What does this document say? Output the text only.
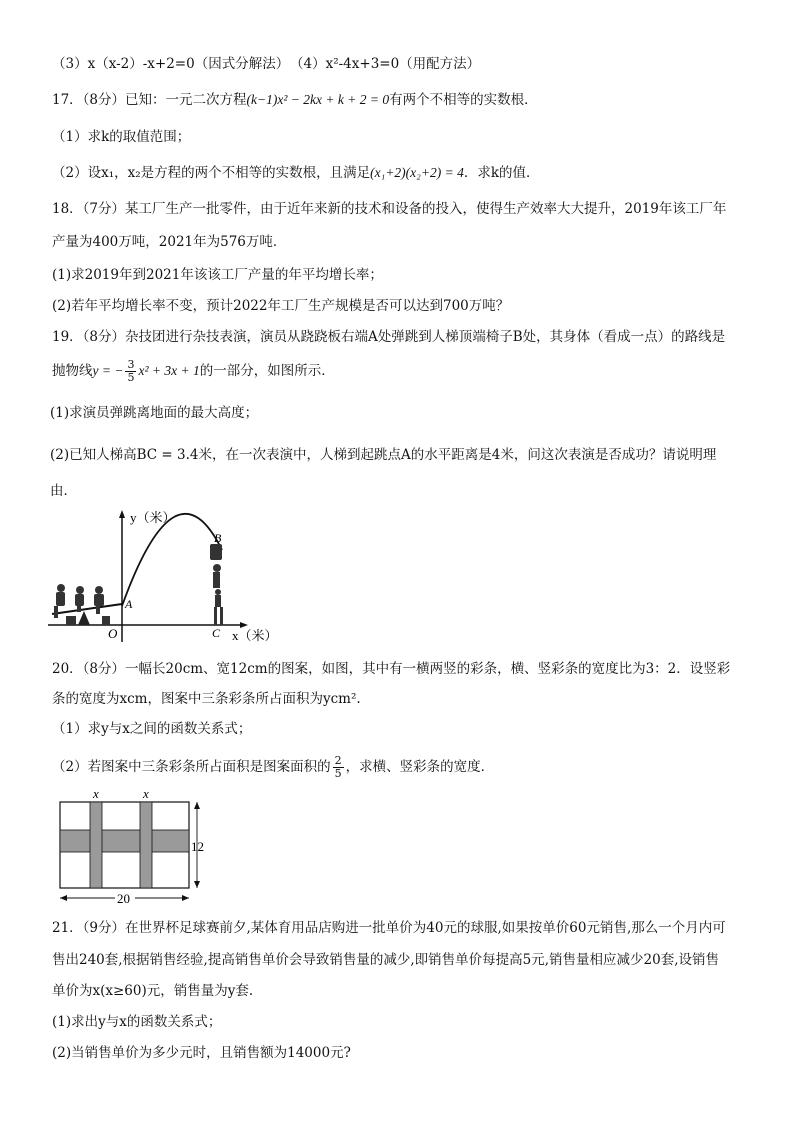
（3）x（x-2）-x+2=0（因式分解法） （4）x²-4x+3=0（用配方法）
17．（8分）已知：一元二次方程(k−1)x² − 2kx + k + 2 = 0有两个不相等的实数根．
（1）求k的取值范围；
（2）设x₁，x₂是方程的两个不相等的实数根，且满足(x₁+2)(x₂+2) = 4．求k的值．
18．（7分）某工厂生产一批零件，由于近年来新的技术和设备的投入，使得生产效率大大提升，2019年该工厂年
产量为400万吨，2021年为576万吨．
(1)求2019年到2021年该该工厂产量的年平均增长率；
(2)若年平均增长率不变，预计2022年工厂生产规模是否可以达到700万吨？
19．（8分）杂技团进行杂技表演，演员从跷跷板右端A处弹跳到人梯顶端椅子B处，其身体（看成一点）的路线是
抛物线y = − $\frac{3}{5} x^2 + 3x + 1$的一部分，如图所示．
(1)求演员弹跳离地面的最大高度；
(2)已知人梯高BC = 3.4米，在一次表演中，人梯到起跳点A的水平距离是4米，问这次表演是否成功？请说明理
由．
y（米）
x（米）
O
A
B
C
20．（8分）一幅长20cm、宽12cm的图案，如图，其中有一横两竖的彩条，横、竖彩条的宽度比为3：2．设竖彩
条的宽度为xcm，图案中三条彩条所占面积为ycm².
（1）求y与x之间的函数关系式；
（2）若图案中三条彩条所占面积是图案面积的 $\frac{2}{5}$ ，求横、竖彩条的宽度．
x	x
12
20
21．（9分）在世界杯足球赛前夕,某体育用品店购进一批单价为40元的球服,如果按单价60元销售,那么一个月内可
售出240套,根据销售经验,提高销售单价会导致销售量的减少,即销售单价每提高5元,销售量相应减少20套,设销售
单价为x(x≥60)元，销售量为y套.
(1)求出y与x的函数关系式；
(2)当销售单价为多少元时，且销售额为14000元?
